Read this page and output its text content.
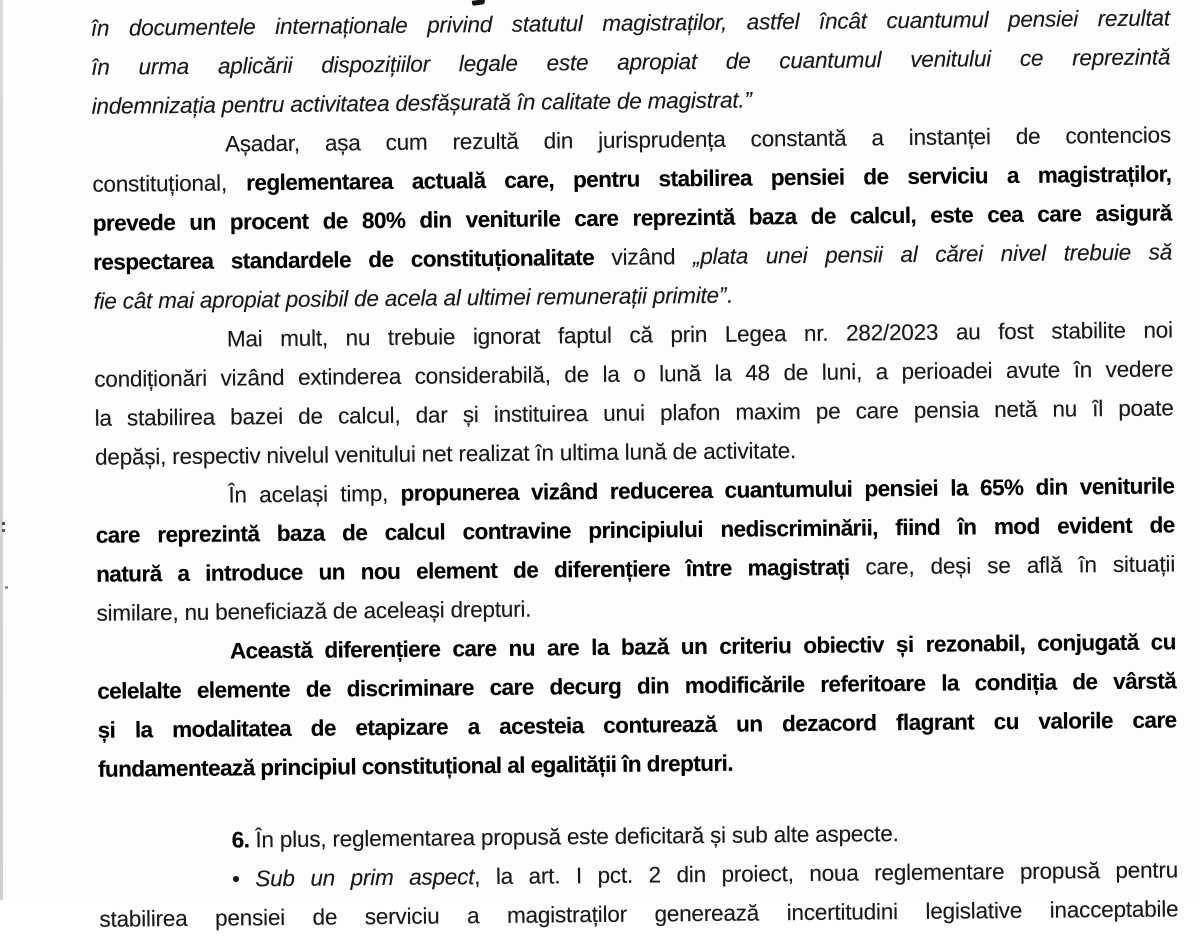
în documentele internaționale privind statutul magistraților, astfel încât cuantumul pensiei rezultat
în urma aplicării dispozițiilor legale este apropiat de cuantumul venitului ce reprezintă
indemnizația pentru activitatea desfășurată în calitate de magistrat.”
Așadar, așa cum rezultă din jurisprudența constantă a instanței de contencios
constituțional, reglementarea actuală care, pentru stabilirea pensiei de serviciu a magistraților,
prevede un procent de 80% din veniturile care reprezintă baza de calcul, este cea care asigură
respectarea standardele de constituționalitate vizând „plata unei pensii al cărei nivel trebuie să
fie cât mai apropiat posibil de acela al ultimei remunerații primite”.
Mai mult, nu trebuie ignorat faptul că prin Legea nr. 282/2023 au fost stabilite noi
condiționări vizând extinderea considerabilă, de la o lună la 48 de luni, a perioadei avute în vedere
la stabilirea bazei de calcul, dar și instituirea unui plafon maxim pe care pensia netă nu îl poate
depăși, respectiv nivelul venitului net realizat în ultima lună de activitate.
În același timp, propunerea vizând reducerea cuantumului pensiei la 65% din veniturile
care reprezintă baza de calcul contravine principiului nediscriminării, fiind în mod evident de
natură a introduce un nou element de diferențiere între magistrați care, deși se află în situații
similare, nu beneficiază de aceleași drepturi.
Această diferențiere care nu are la bază un criteriu obiectiv și rezonabil, conjugată cu
celelalte elemente de discriminare care decurg din modificările referitoare la condiția de vârstă
și la modalitatea de etapizare a acesteia conturează un dezacord flagrant cu valorile care
fundamentează principiul constituțional al egalității în drepturi.
6. În plus, reglementarea propusă este deficitară și sub alte aspecte.
• Sub un prim aspect, la art. I pct. 2 din proiect, noua reglementare propusă pentru
stabilirea pensiei de serviciu a magistraților generează incertitudini legislative inacceptabile
